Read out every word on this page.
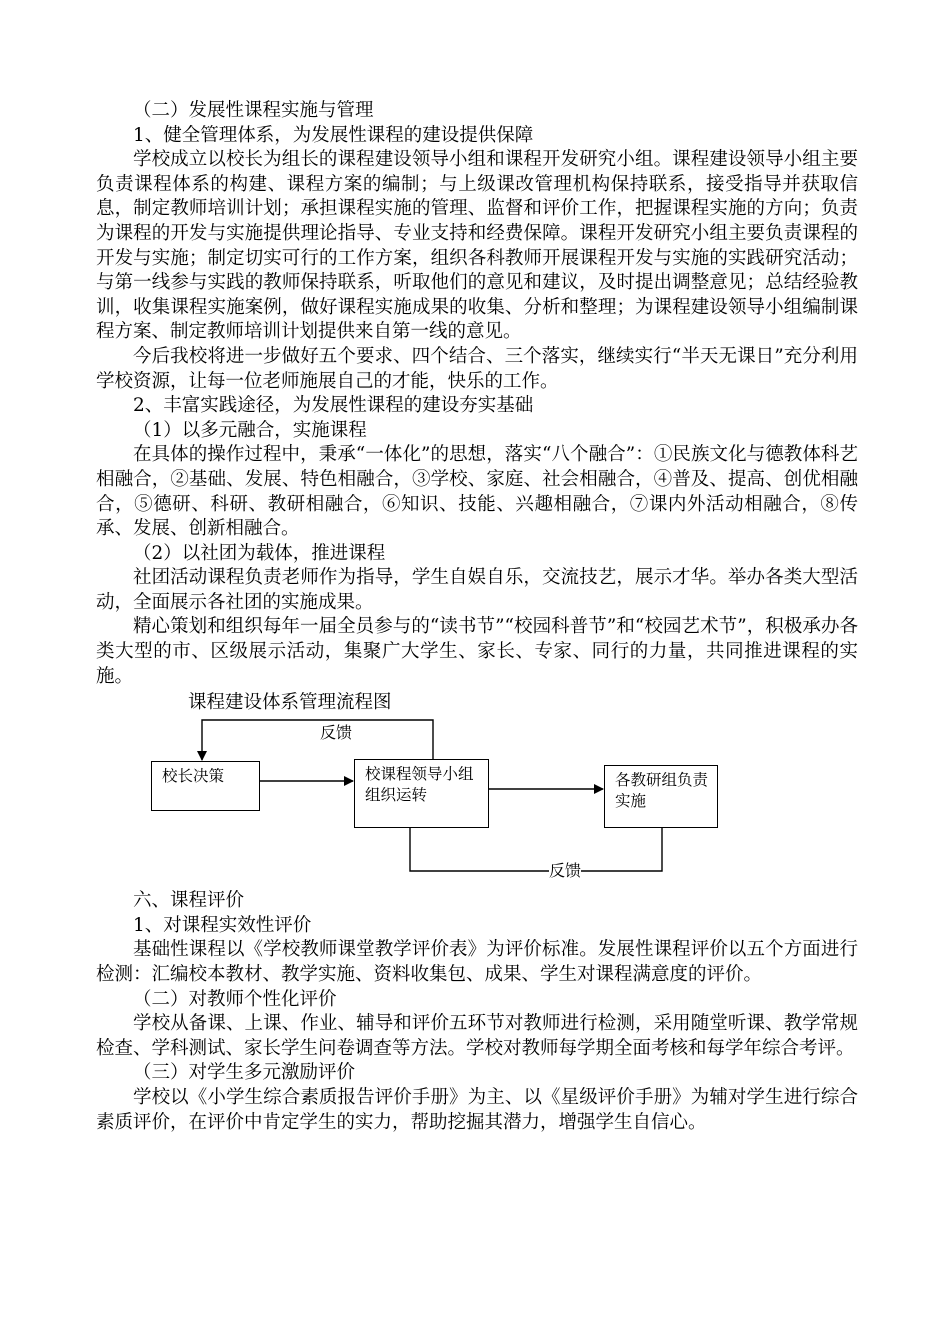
（二）发展性课程实施与管理

1、健全管理体系，为发展性课程的建设提供保障

学校成立以校长为组长的课程建设领导小组和课程开发研究小组。课程建设领导小组主要负责课程体系的构建、课程方案的编制；与上级课改管理机构保持联系，接受指导并获取信息，制定教师培训计划；承担课程实施的管理、监督和评价工作，把握课程实施的方向；负责为课程的开发与实施提供理论指导、专业支持和经费保障。课程开发研究小组主要负责课程的开发与实施；制定切实可行的工作方案，组织各科教师开展课程开发与实施的实践研究活动；与第一线参与实践的教师保持联系，听取他们的意见和建议，及时提出调整意见；总结经验教训，收集课程实施案例，做好课程实施成果的收集、分析和整理；为课程建设领导小组编制课程方案、制定教师培训计划提供来自第一线的意见。

今后我校将进一步做好五个要求、四个结合、三个落实，继续实行“半天无课日”充分利用学校资源，让每一位老师施展自己的才能，快乐的工作。

2、丰富实践途径，为发展性课程的建设夯实基础

（1）以多元融合，实施课程

在具体的操作过程中，秉承“一体化”的思想，落实“八个融合”：①民族文化与德教体科艺相融合，②基础、发展、特色相融合，③学校、家庭、社会相融合，④普及、提高、创优相融合，⑤德研、科研、教研相融合，⑥知识、技能、兴趣相融合，⑦课内外活动相融合，⑧传承、发展、创新相融合。

（2）以社团为载体，推进课程

社团活动课程负责老师作为指导，学生自娱自乐，交流技艺，展示才华。举办各类大型活动，全面展示各社团的实施成果。

精心策划和组织每年一届全员参与的“读书节”“校园科普节”和“校园艺术节”，积极承办各类大型的市、区级展示活动，集聚广大学生、家长、专家、同行的力量，共同推进课程的实施。

课程建设体系管理流程图

反馈
校长决策	校课程领导小组组织运转
各教研组负责实施
反馈

六、课程评价

1、对课程实效性评价

基础性课程以《学校教师课堂教学评价表》为评价标准。发展性课程评价以五个方面进行检测：汇编校本教材、教学实施、资料收集包、成果、学生对课程满意度的评价。

（二）对教师个性化评价

学校从备课、上课、作业、辅导和评价五环节对教师进行检测，采用随堂听课、教学常规检查、学科测试、家长学生问卷调查等方法。学校对教师每学期全面考核和每学年综合考评。

（三）对学生多元激励评价

学校以《小学生综合素质报告评价手册》为主、以《星级评价手册》为辅对学生进行综合素质评价，在评价中肯定学生的实力，帮助挖掘其潜力，增强学生自信心。
